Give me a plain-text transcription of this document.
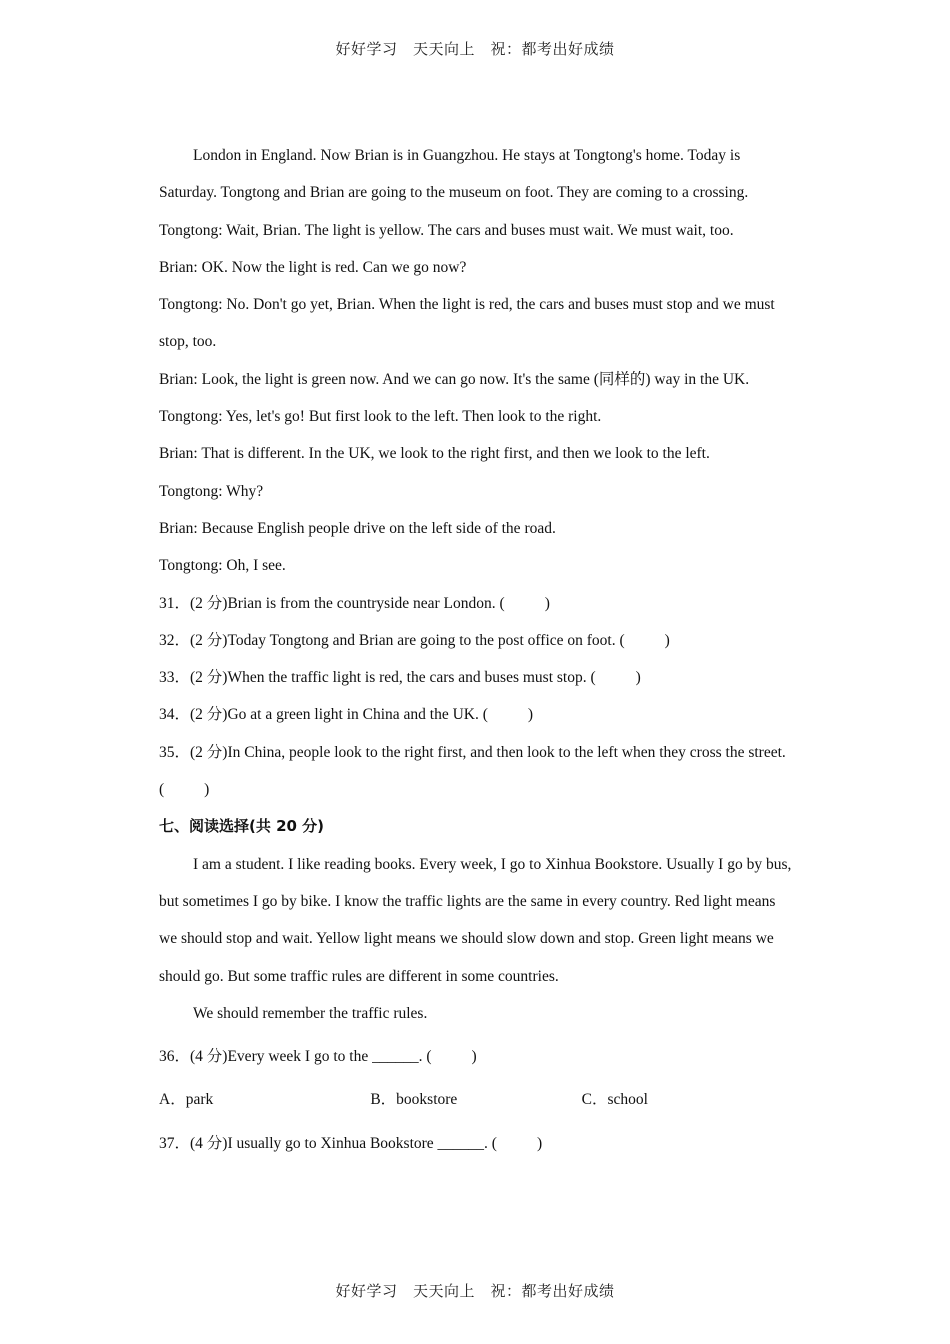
好好学习　天天向上　祝：都考出好成绩

London in England. Now Brian is in Guangzhou. He stays at Tongtong's home. Today is Saturday. Tongtong and Brian are going to the museum on foot. They are coming to a crossing.

Tongtong: Wait, Brian. The light is yellow. The cars and buses must wait. We must wait, too.

Brian: OK. Now the light is red. Can we go now?

Tongtong: No. Don't go yet, Brian. When the light is red, the cars and buses must stop and we must stop, too.

Brian: Look, the light is green now. And we can go now. It's the same (同样的) way in the UK.

Tongtong: Yes, let's go! But first look to the left. Then look to the right.

Brian: That is different. In the UK, we look to the right first, and then we look to the left.

Tongtong: Why?

Brian: Because English people drive on the left side of the road.

Tongtong: Oh, I see.

31．(2 分)Brian is from the countryside near London. (	)

32．(2 分)Today Tongtong and Brian are going to the post office on foot. (	)

33．(2 分)When the traffic light is red, the cars and buses must stop. (	)

34．(2 分)Go at a green light in China and the UK. (	)

35．(2 分)In China, people look to the right first, and then look to the left when they cross the street. (	)

七、阅读选择(共 20 分)

I am a student. I like reading books. Every week, I go to Xinhua Bookstore. Usually I go by bus, but sometimes I go by bike. I know the traffic lights are the same in every country. Red light means we should stop and wait. Yellow light means we should slow down and stop. Green light means we should go. But some traffic rules are different in some countries.

We should remember the traffic rules.

36．(4 分)Every week I go to the ______. (	)

A．park	B．bookstore	C．school

37．(4 分)I usually go to Xinhua Bookstore ______. (	)

好好学习　天天向上　祝：都考出好成绩
